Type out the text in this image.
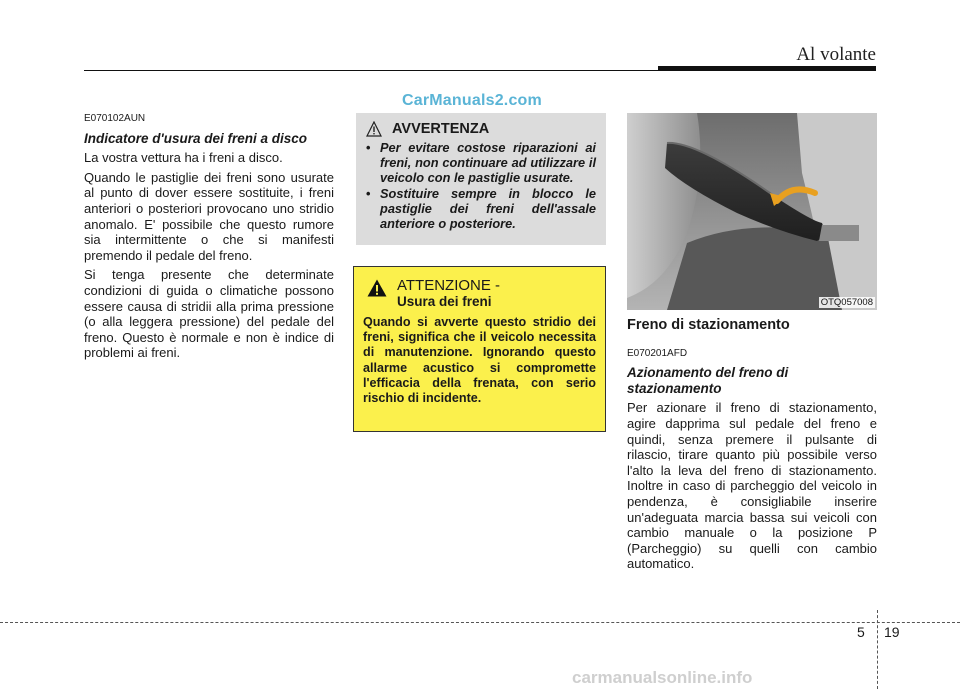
Al volante
CarManuals2.com

E070102AUN

Indicatore d'usura dei freni a disco

La vostra vettura ha i freni a disco.

Quando le pastiglie dei freni sono usurate al punto di dover essere sostituite, i freni anteriori o posteriori provocano uno stridio anomalo. E' possibile che questo rumore sia intermittente o che si manifesti premendo il pedale del freno.

Si tenga presente che determinate condizioni di guida o climatiche possono essere causa di stridii alla prima pressione (o alla leggera pressione) del pedale del freno. Questo è normale e non è indice di problemi ai freni.

AVVERTENZA

• Per evitare costose riparazioni ai freni, non continuare ad utilizzare il veicolo con le pastiglie usurate.
• Sostituire sempre in blocco le pastiglie dei freni dell'assale anteriore o posteriore.

ATTENZIONE -

Usura dei freni

Quando si avverte questo stridio dei freni, significa che il veicolo necessita di manutenzione. Ignorando questo allarme acustico si compromette l'efficacia della frenata, con serio rischio di incidente.
OTQ057008

Freno di stazionamento

E070201AFD

Azionamento del freno di stazionamento

Per azionare il freno di stazionamento, agire dapprima sul pedale del freno e quindi, senza premere il pulsante di rilascio, tirare quanto più possibile verso l'alto la leva del freno di stazionamento. Inoltre in caso di parcheggio del veicolo in pendenza, è consigliabile inserire un'adeguata marcia bassa sui veicoli con cambio manuale o la posizione P (Parcheggio) su quelli con cambio automatico.

5 19
carmanualsonline.info
